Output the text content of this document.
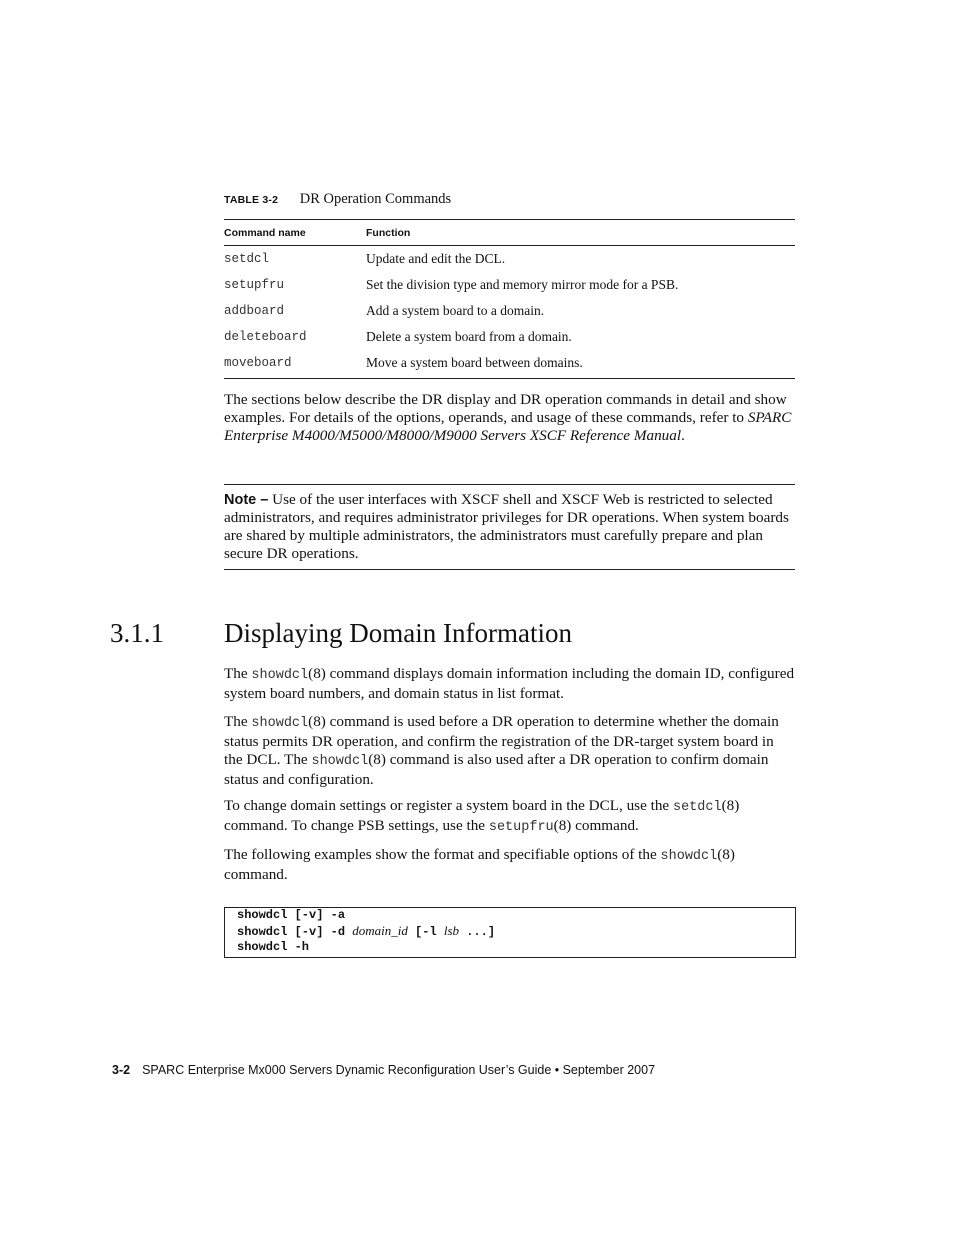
TABLE 3-2 DR Operation Commands
Command name	Function
setdcl	Update and edit the DCL.
setupfru	Set the division type and memory mirror mode for a PSB.
addboard	Add a system board to a domain.
deleteboard	Delete a system board from a domain.
moveboard	Move a system board between domains.
The sections below describe the DR display and DR operation commands in detail and show examples. For details of the options, operands, and usage of these commands, refer to SPARC Enterprise M4000/M5000/M8000/M9000 Servers XSCF Reference Manual.
Note – Use of the user interfaces with XSCF shell and XSCF Web is restricted to selected administrators, and requires administrator privileges for DR operations. When system boards are shared by multiple administrators, the administrators must carefully prepare and plan secure DR operations.
3.1.1 Displaying Domain Information
The showdcl(8) command displays domain information including the domain ID, configured system board numbers, and domain status in list format.
The showdcl(8) command is used before a DR operation to determine whether the domain status permits DR operation, and confirm the registration of the DR-target system board in the DCL. The showdcl(8) command is also used after a DR operation to confirm domain status and configuration.
To change domain settings or register a system board in the DCL, use the setdcl(8) command. To change PSB settings, use the setupfru(8) command.
The following examples show the format and specifiable options of the showdcl(8) command.
showdcl [-v] -a
showdcl [-v] -d domain_id [-l lsb ...]
showdcl -h
3-2 SPARC Enterprise Mx000 Servers Dynamic Reconfiguration User’s Guide • September 2007
